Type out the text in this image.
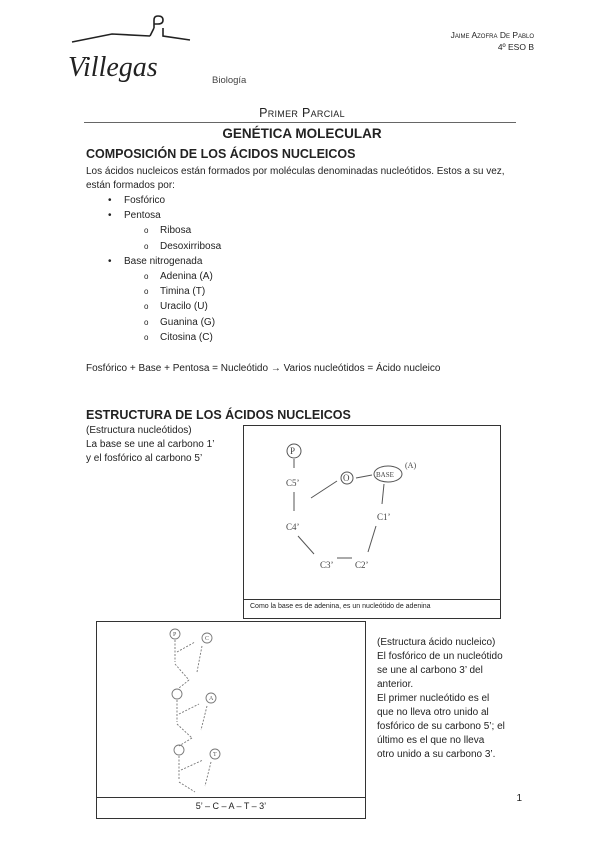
Villegas
Jaime Azofra De Pablo
4º ESO B
Biología
Primer Parcial
GENÉTICA MOLECULAR
COMPOSICIÓN DE LOS ÁCIDOS NUCLEICOS
Los ácidos nucleicos están formados por moléculas denominadas nucleótidos. Estos a su vez, están formados por:
• Fosfórico
• Pentosa
o Ribosa
o Desoxirribosa
• Base nitrogenada
o Adenina (A)
o Timina (T)
o Uracilo (U)
o Guanina (G)
o Citosina (C)
Fosfórico + Base + Pentosa = Nucleótido → Varios nucleótidos = Ácido nucleico
ESTRUCTURA DE LOS ÁCIDOS NUCLEICOS
(Estructura nucleótidos)
La base se une al carbono 1’
y el fosfórico al carbono 5’
P
C5’	O	BASE
(A)
C4’
C1’
C3’ C2’
Como la base es de adenina, es un nucleótido de adenina
P
C
A
T
5’ – C – A – T – 3’
(Estructura ácido nucleico)
El fosfórico de un nucleótido
se une al carbono 3’ del
anterior.
El primer nucleótido es el
que no lleva otro unido al
fosfórico de su carbono 5’; el
último es el que no lleva
otro unido a su carbono 3’.
1
